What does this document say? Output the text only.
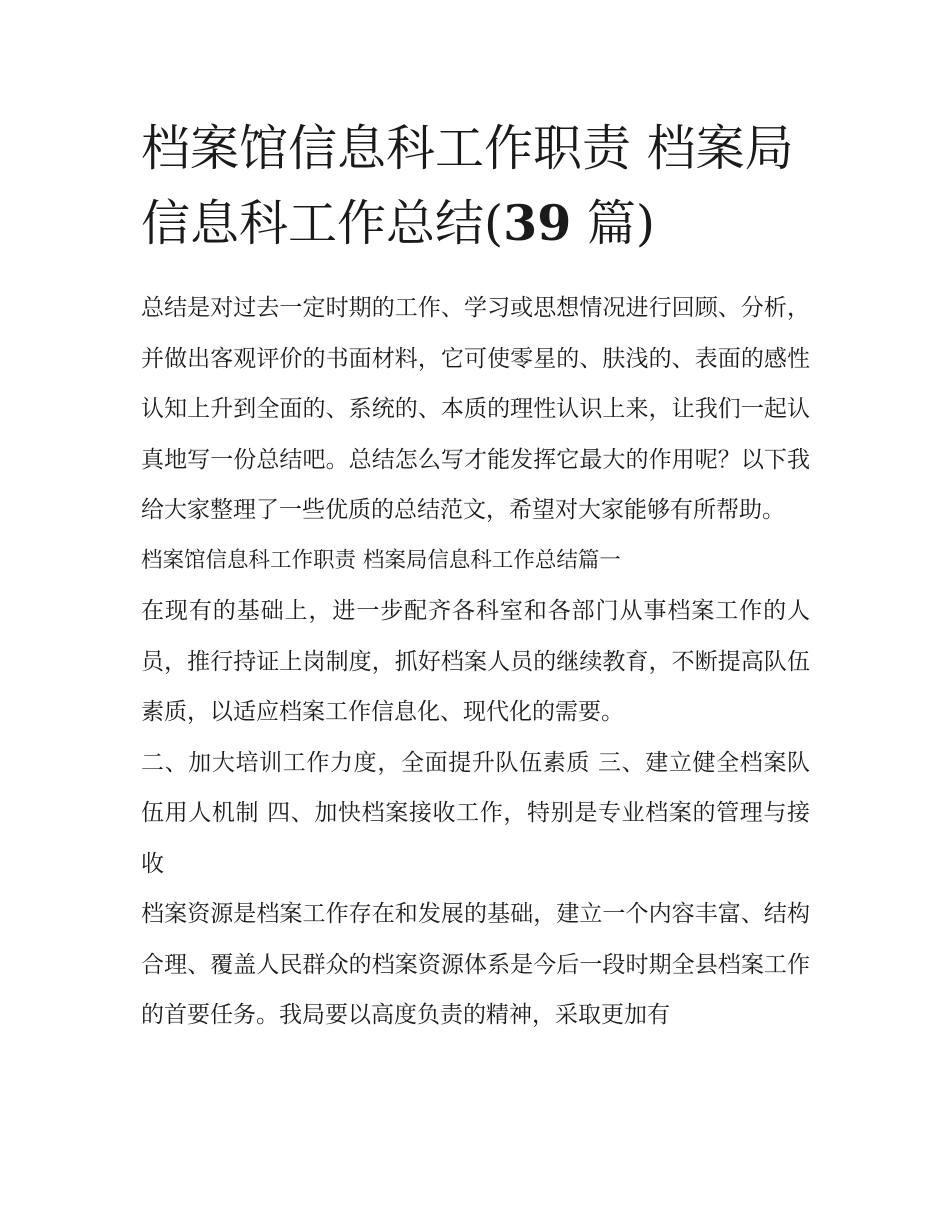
档案馆信息科工作职责 档案局信息科工作总结(39 篇)

总结是对过去一定时期的工作、学习或思想情况进行回顾、分析，并做出客观评价的书面材料，它可使零星的、肤浅的、表面的感性认知上升到全面的、系统的、本质的理性认识上来，让我们一起认真地写一份总结吧。总结怎么写才能发挥它最大的作用呢？以下我给大家整理了一些优质的总结范文，希望对大家能够有所帮助。

档案馆信息科工作职责 档案局信息科工作总结篇一

在现有的基础上，进一步配齐各科室和各部门从事档案工作的人员，推行持证上岗制度，抓好档案人员的继续教育，不断提高队伍素质，以适应档案工作信息化、现代化的需要。

二、加大培训工作力度，全面提升队伍素质 三、建立健全档案队伍用人机制 四、加快档案接收工作，特别是专业档案的管理与接收

档案资源是档案工作存在和发展的基础，建立一个内容丰富、结构合理、覆盖人民群众的档案资源体系是今后一段时期全县档案工作的首要任务。我局要以高度负责的精神，采取更加有
